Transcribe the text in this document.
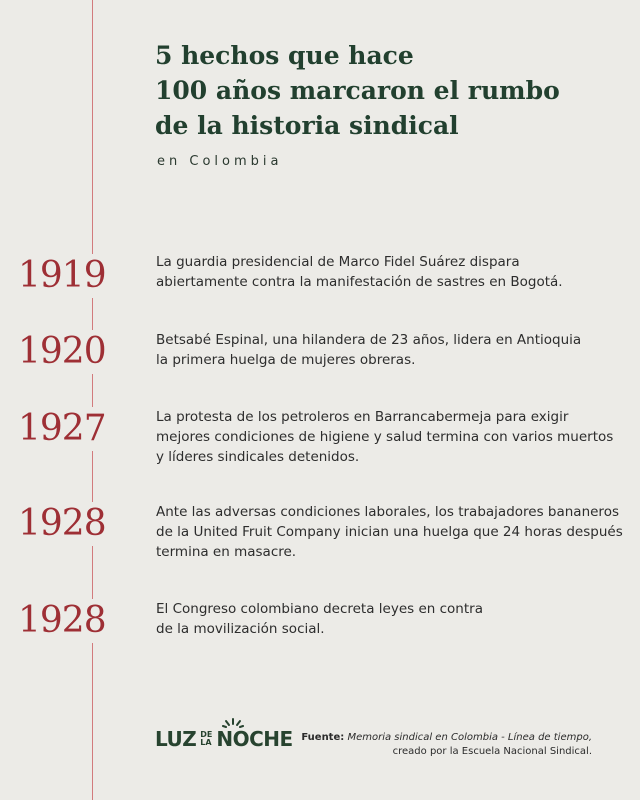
5 hechos que hace
100 años marcaron el rumbo
de la historia sindical
en Colombia
1919	La guardia presidencial de Marco Fidel Suárez dispara
abiertamente contra la manifestación de sastres en Bogotá.
1920	Betsabé Espinal, una hilandera de 23 años, lidera en Antioquia
la primera huelga de mujeres obreras.
1927	La protesta de los petroleros en Barrancabermeja para exigir
mejores condiciones de higiene y salud termina con varios muertos
y líderes sindicales detenidos.
1928	Ante las adversas condiciones laborales, los trabajadores bananeros
de la United Fruit Company inician una huelga que 24 horas después
termina en masacre.
1928	El Congreso colombiano decreta leyes en contra
de la movilización social.
LUZ DE
LA NOCHE Fuente: Memoria sindical en Colombia - Línea de tiempo,
creado por la Escuela Nacional Sindical.
